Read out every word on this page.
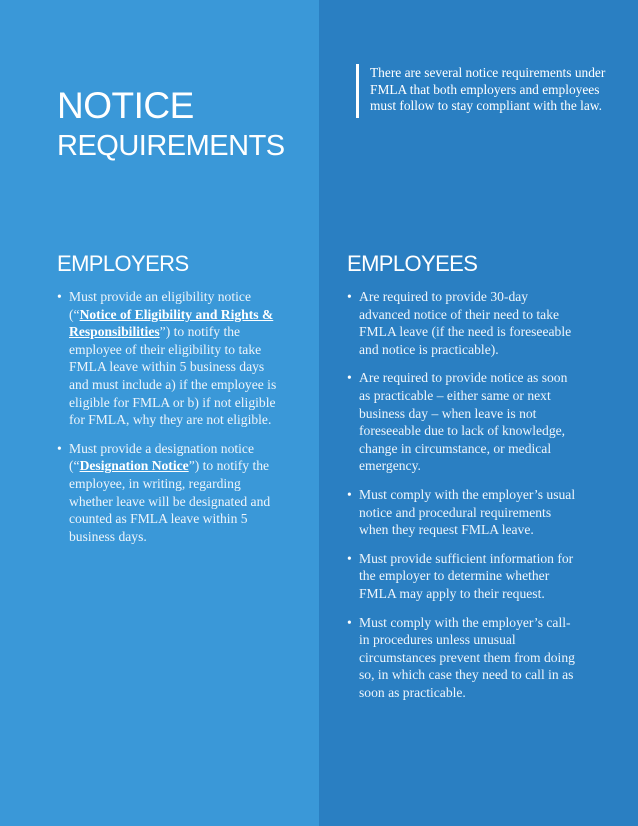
NOTICE
REQUIREMENTS
There are several notice requirements under FMLA that both employers and employees must follow to stay compliant with the law.
EMPLOYERS
• Must provide an eligibility notice (“Notice of Eligibility and Rights & Responsibilities”) to notify the employee of their eligibility to take FMLA leave within 5 business days and must include a) if the employee is eligible for FMLA or b) if not eligible for FMLA, why they are not eligible.
• Must provide a designation notice (“Designation Notice”) to notify the employee, in writing, regarding whether leave will be designated and counted as FMLA leave within 5 business days.
EMPLOYEES
• Are required to provide 30-day advanced notice of their need to take FMLA leave (if the need is foreseeable and notice is practicable).
• Are required to provide notice as soon as practicable – either same or next business day – when leave is not foreseeable due to lack of knowledge, change in circumstance, or medical emergency.
• Must comply with the employer’s usual notice and procedural requirements when they request FMLA leave.
• Must provide sufficient information for the employer to determine whether FMLA may apply to their request.
• Must comply with the employer’s call-in procedures unless unusual circumstances prevent them from doing so, in which case they need to call in as soon as practicable.
